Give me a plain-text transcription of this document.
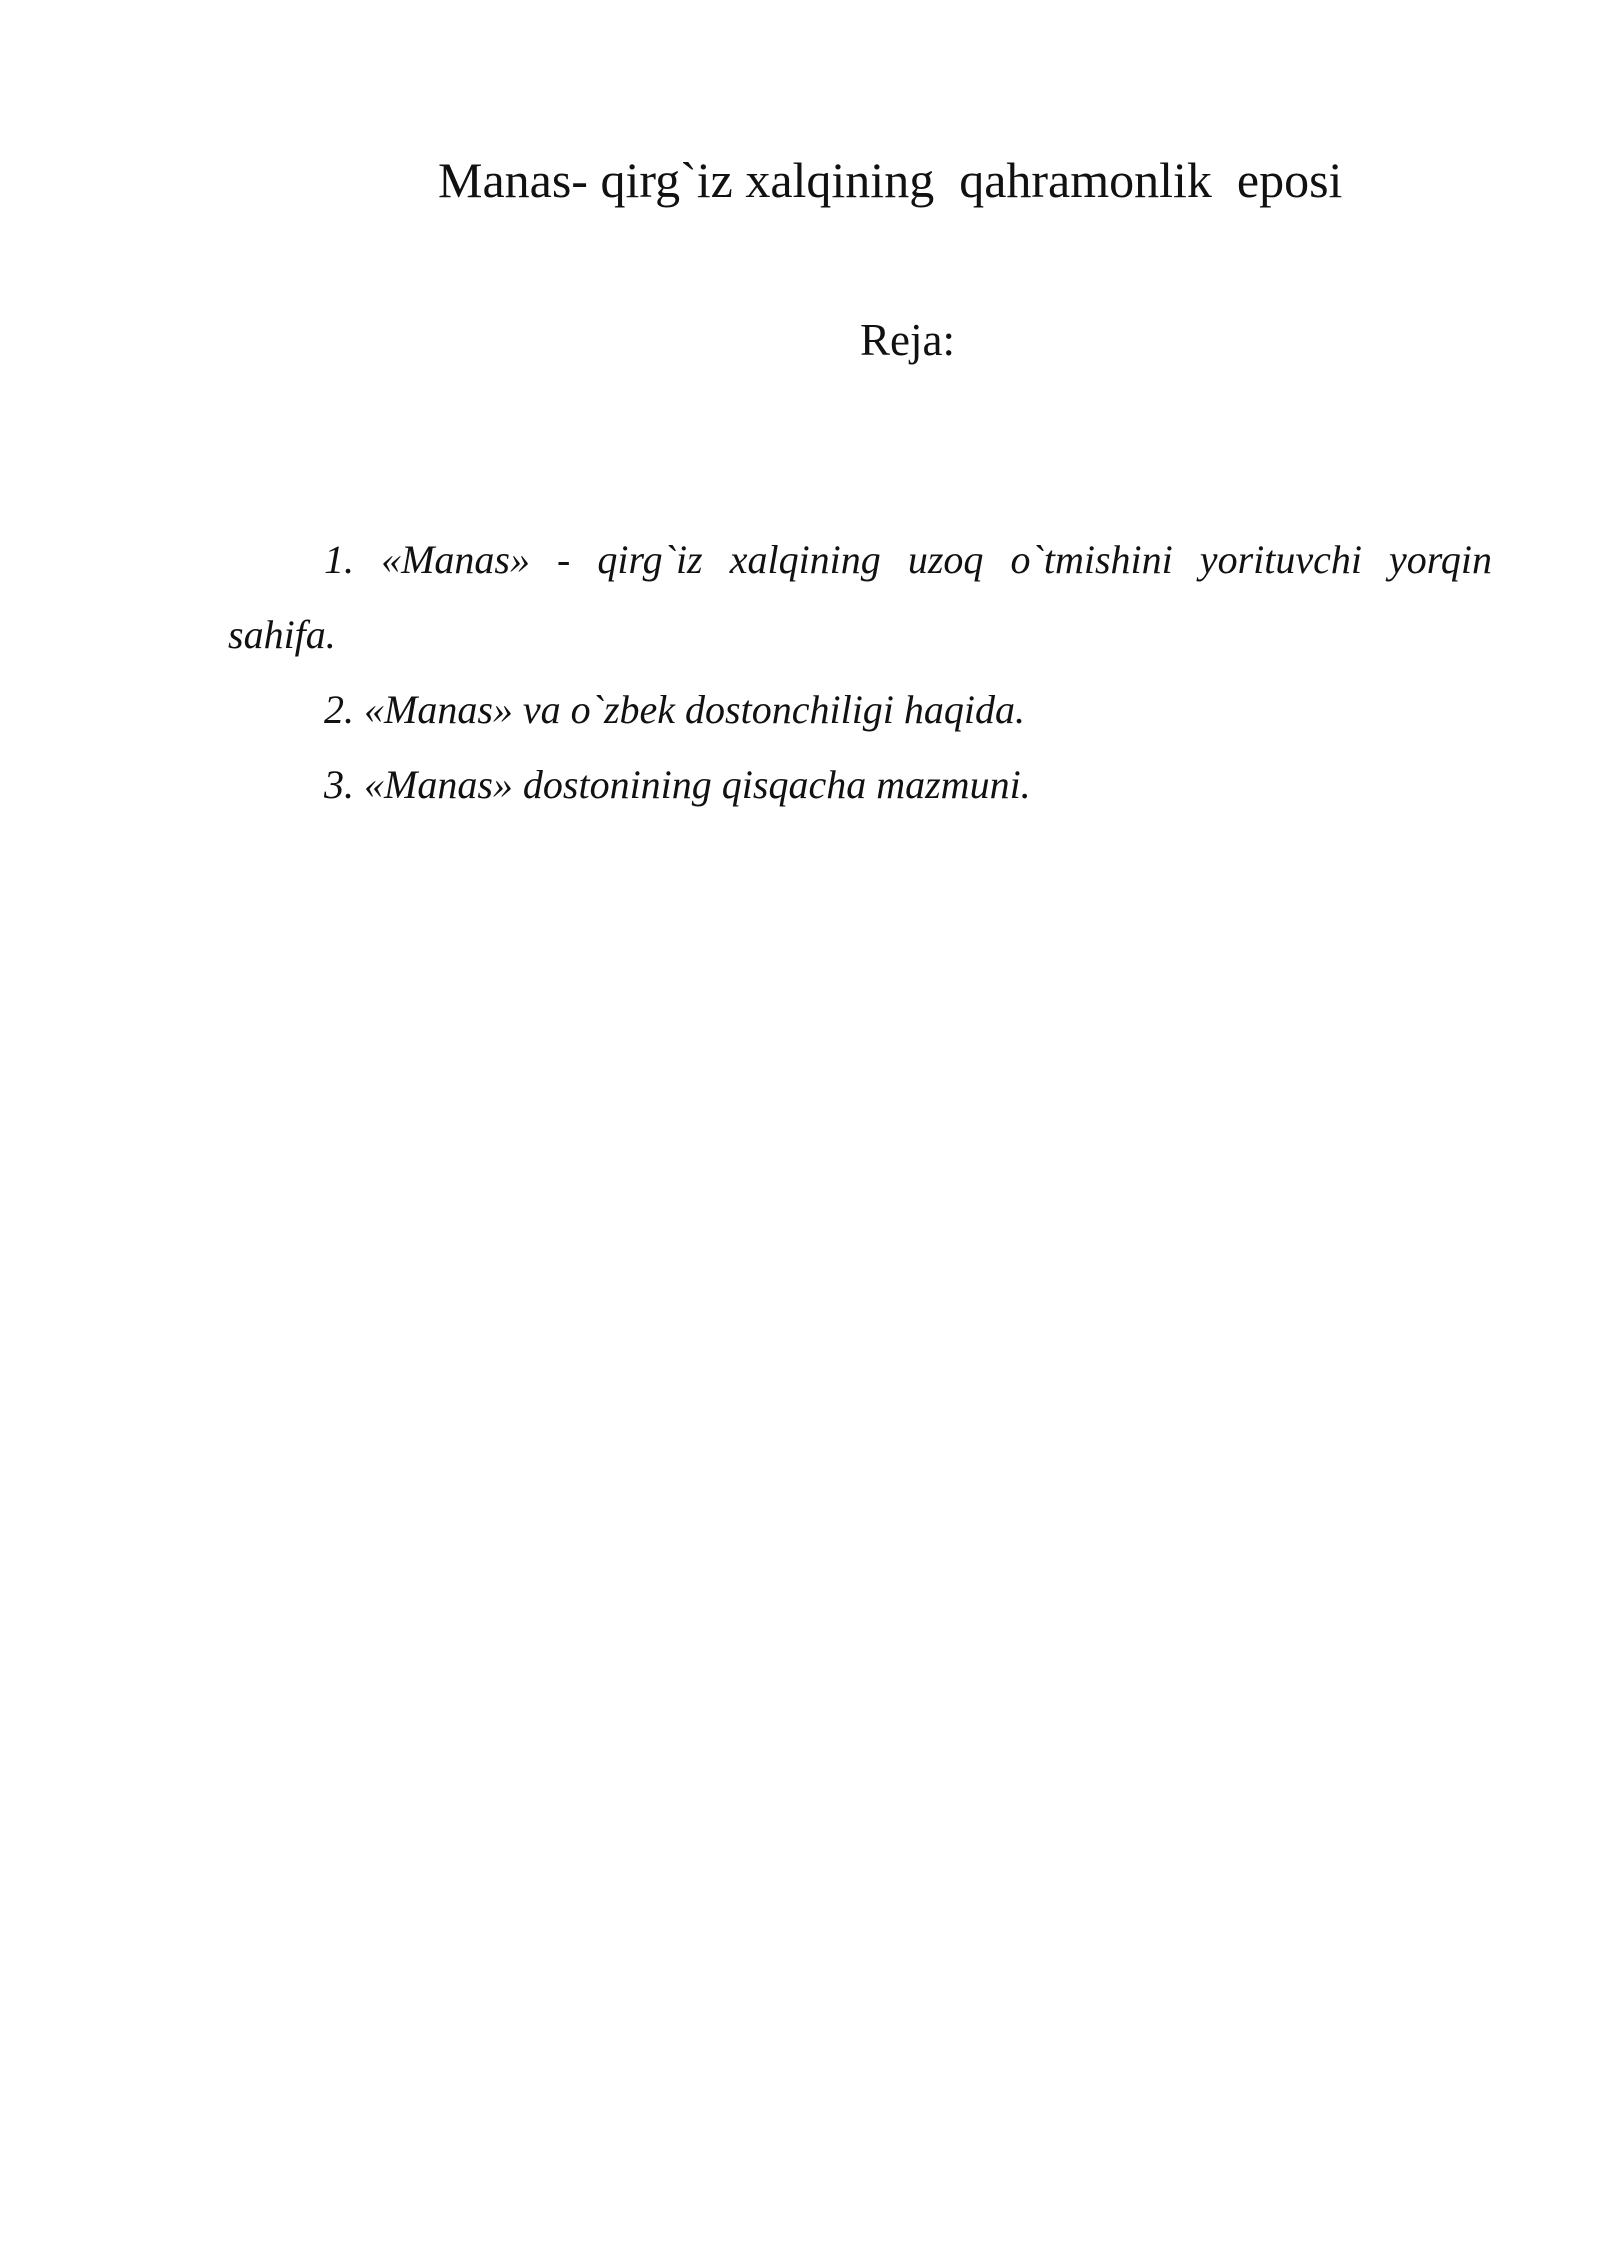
Manas- qirg`iz xalqining  qahramonlik  eposi
Reja:
1. «Manas» - qirg`iz xalqining uzoq o`tmishini yorituvchi yorqin sahifa.
2. «Manas» va o`zbek dostonchiligi haqida.
3. «Manas» dostonining qisqacha mazmuni.
